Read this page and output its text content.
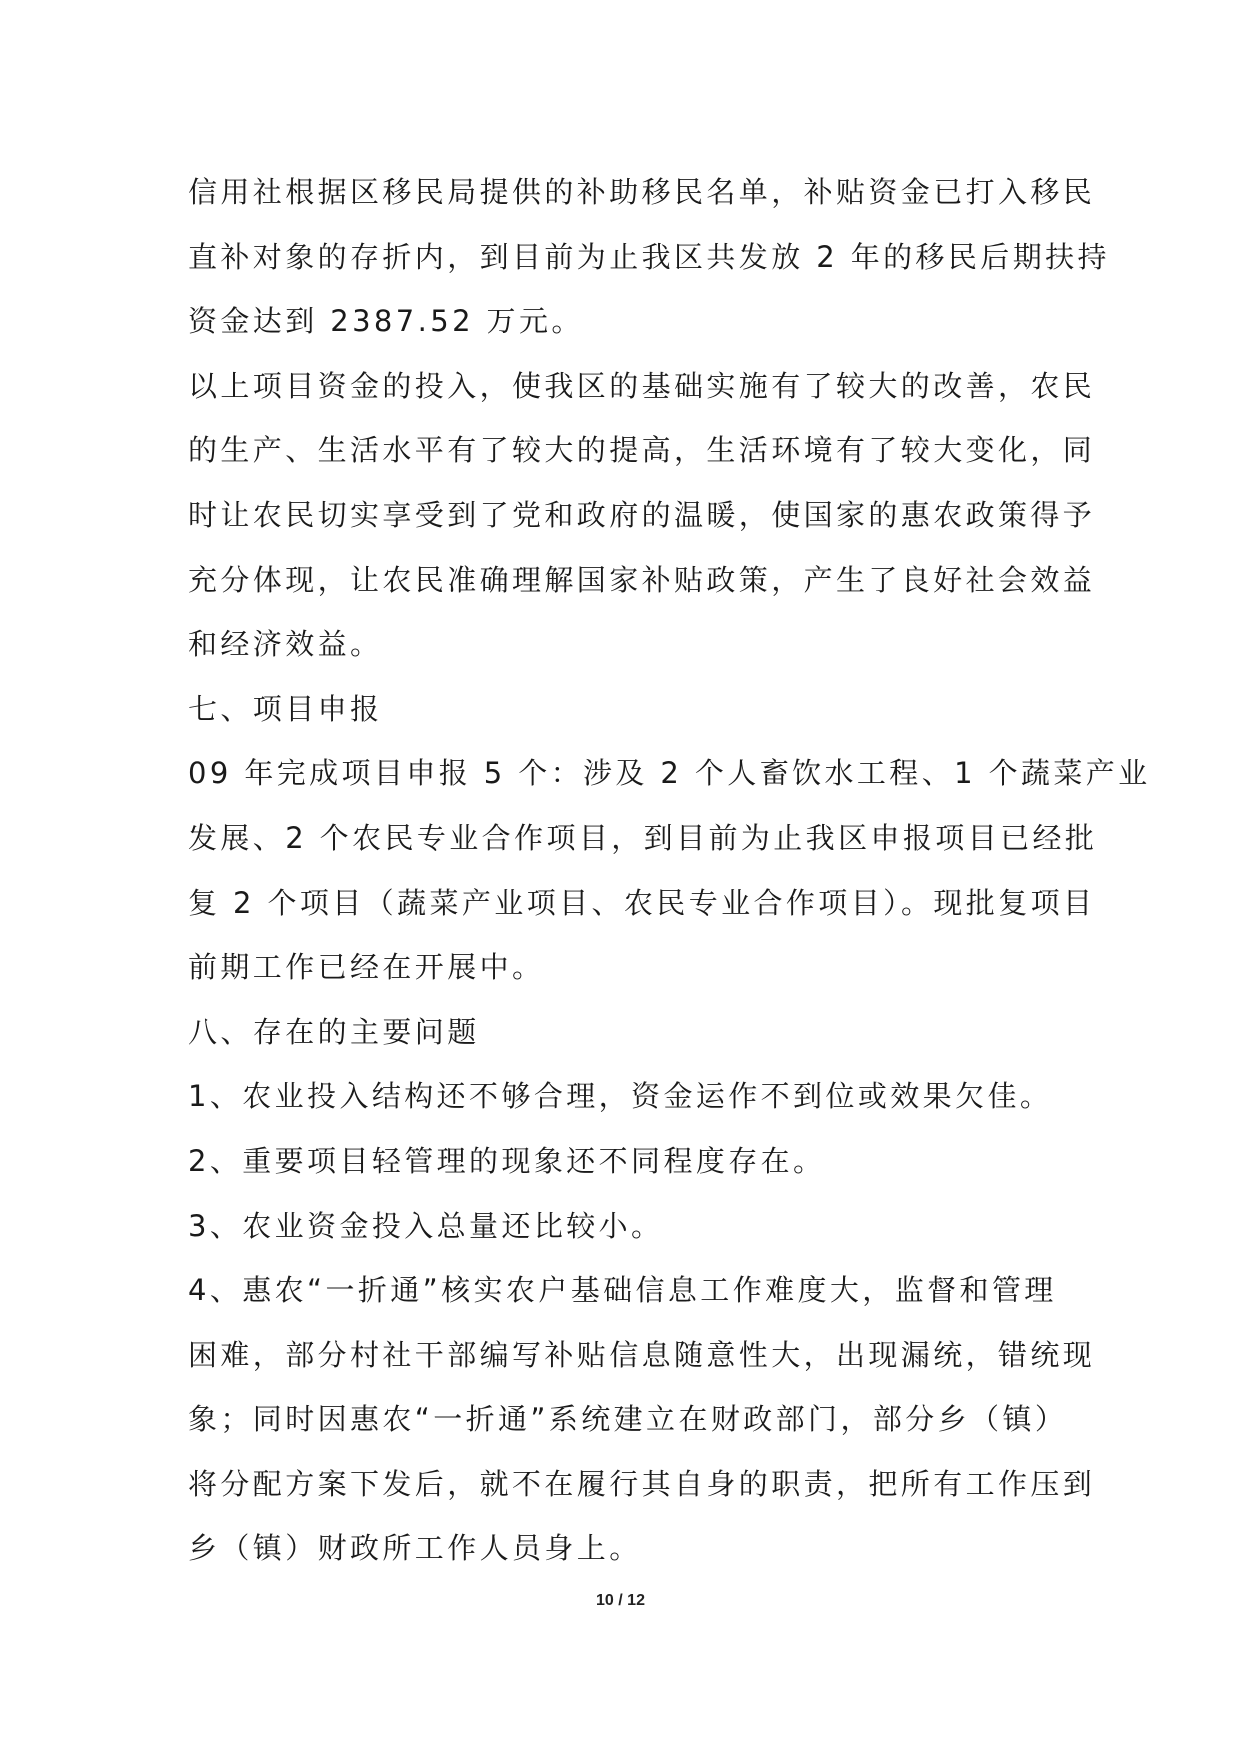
信用社根据区移民局提供的补助移民名单，补贴资金已打入移民
直补对象的存折内，到目前为止我区共发放 2 年的移民后期扶持
资金达到 2387.52 万元。

以上项目资金的投入，使我区的基础实施有了较大的改善，农民
的生产、生活水平有了较大的提高，生活环境有了较大变化，同
时让农民切实享受到了党和政府的温暖，使国家的惠农政策得予
充分体现，让农民准确理解国家补贴政策，产生了良好社会效益
和经济效益。

七、项目申报

09 年完成项目申报 5 个：涉及 2 个人畜饮水工程、1 个蔬菜产业
发展、2 个农民专业合作项目，到目前为止我区申报项目已经批
复 2 个项目（蔬菜产业项目、农民专业合作项目）。现批复项目
前期工作已经在开展中。

八、存在的主要问题

1、农业投入结构还不够合理，资金运作不到位或效果欠佳。

2、重要项目轻管理的现象还不同程度存在。

3、农业资金投入总量还比较小。

4、惠农“一折通”核实农户基础信息工作难度大，监督和管理
困难，部分村社干部编写补贴信息随意性大，出现漏统，错统现
象；同时因惠农“一折通”系统建立在财政部门，部分乡（镇）
将分配方案下发后，就不在履行其自身的职责，把所有工作压到
乡（镇）财政所工作人员身上。

10 / 12
